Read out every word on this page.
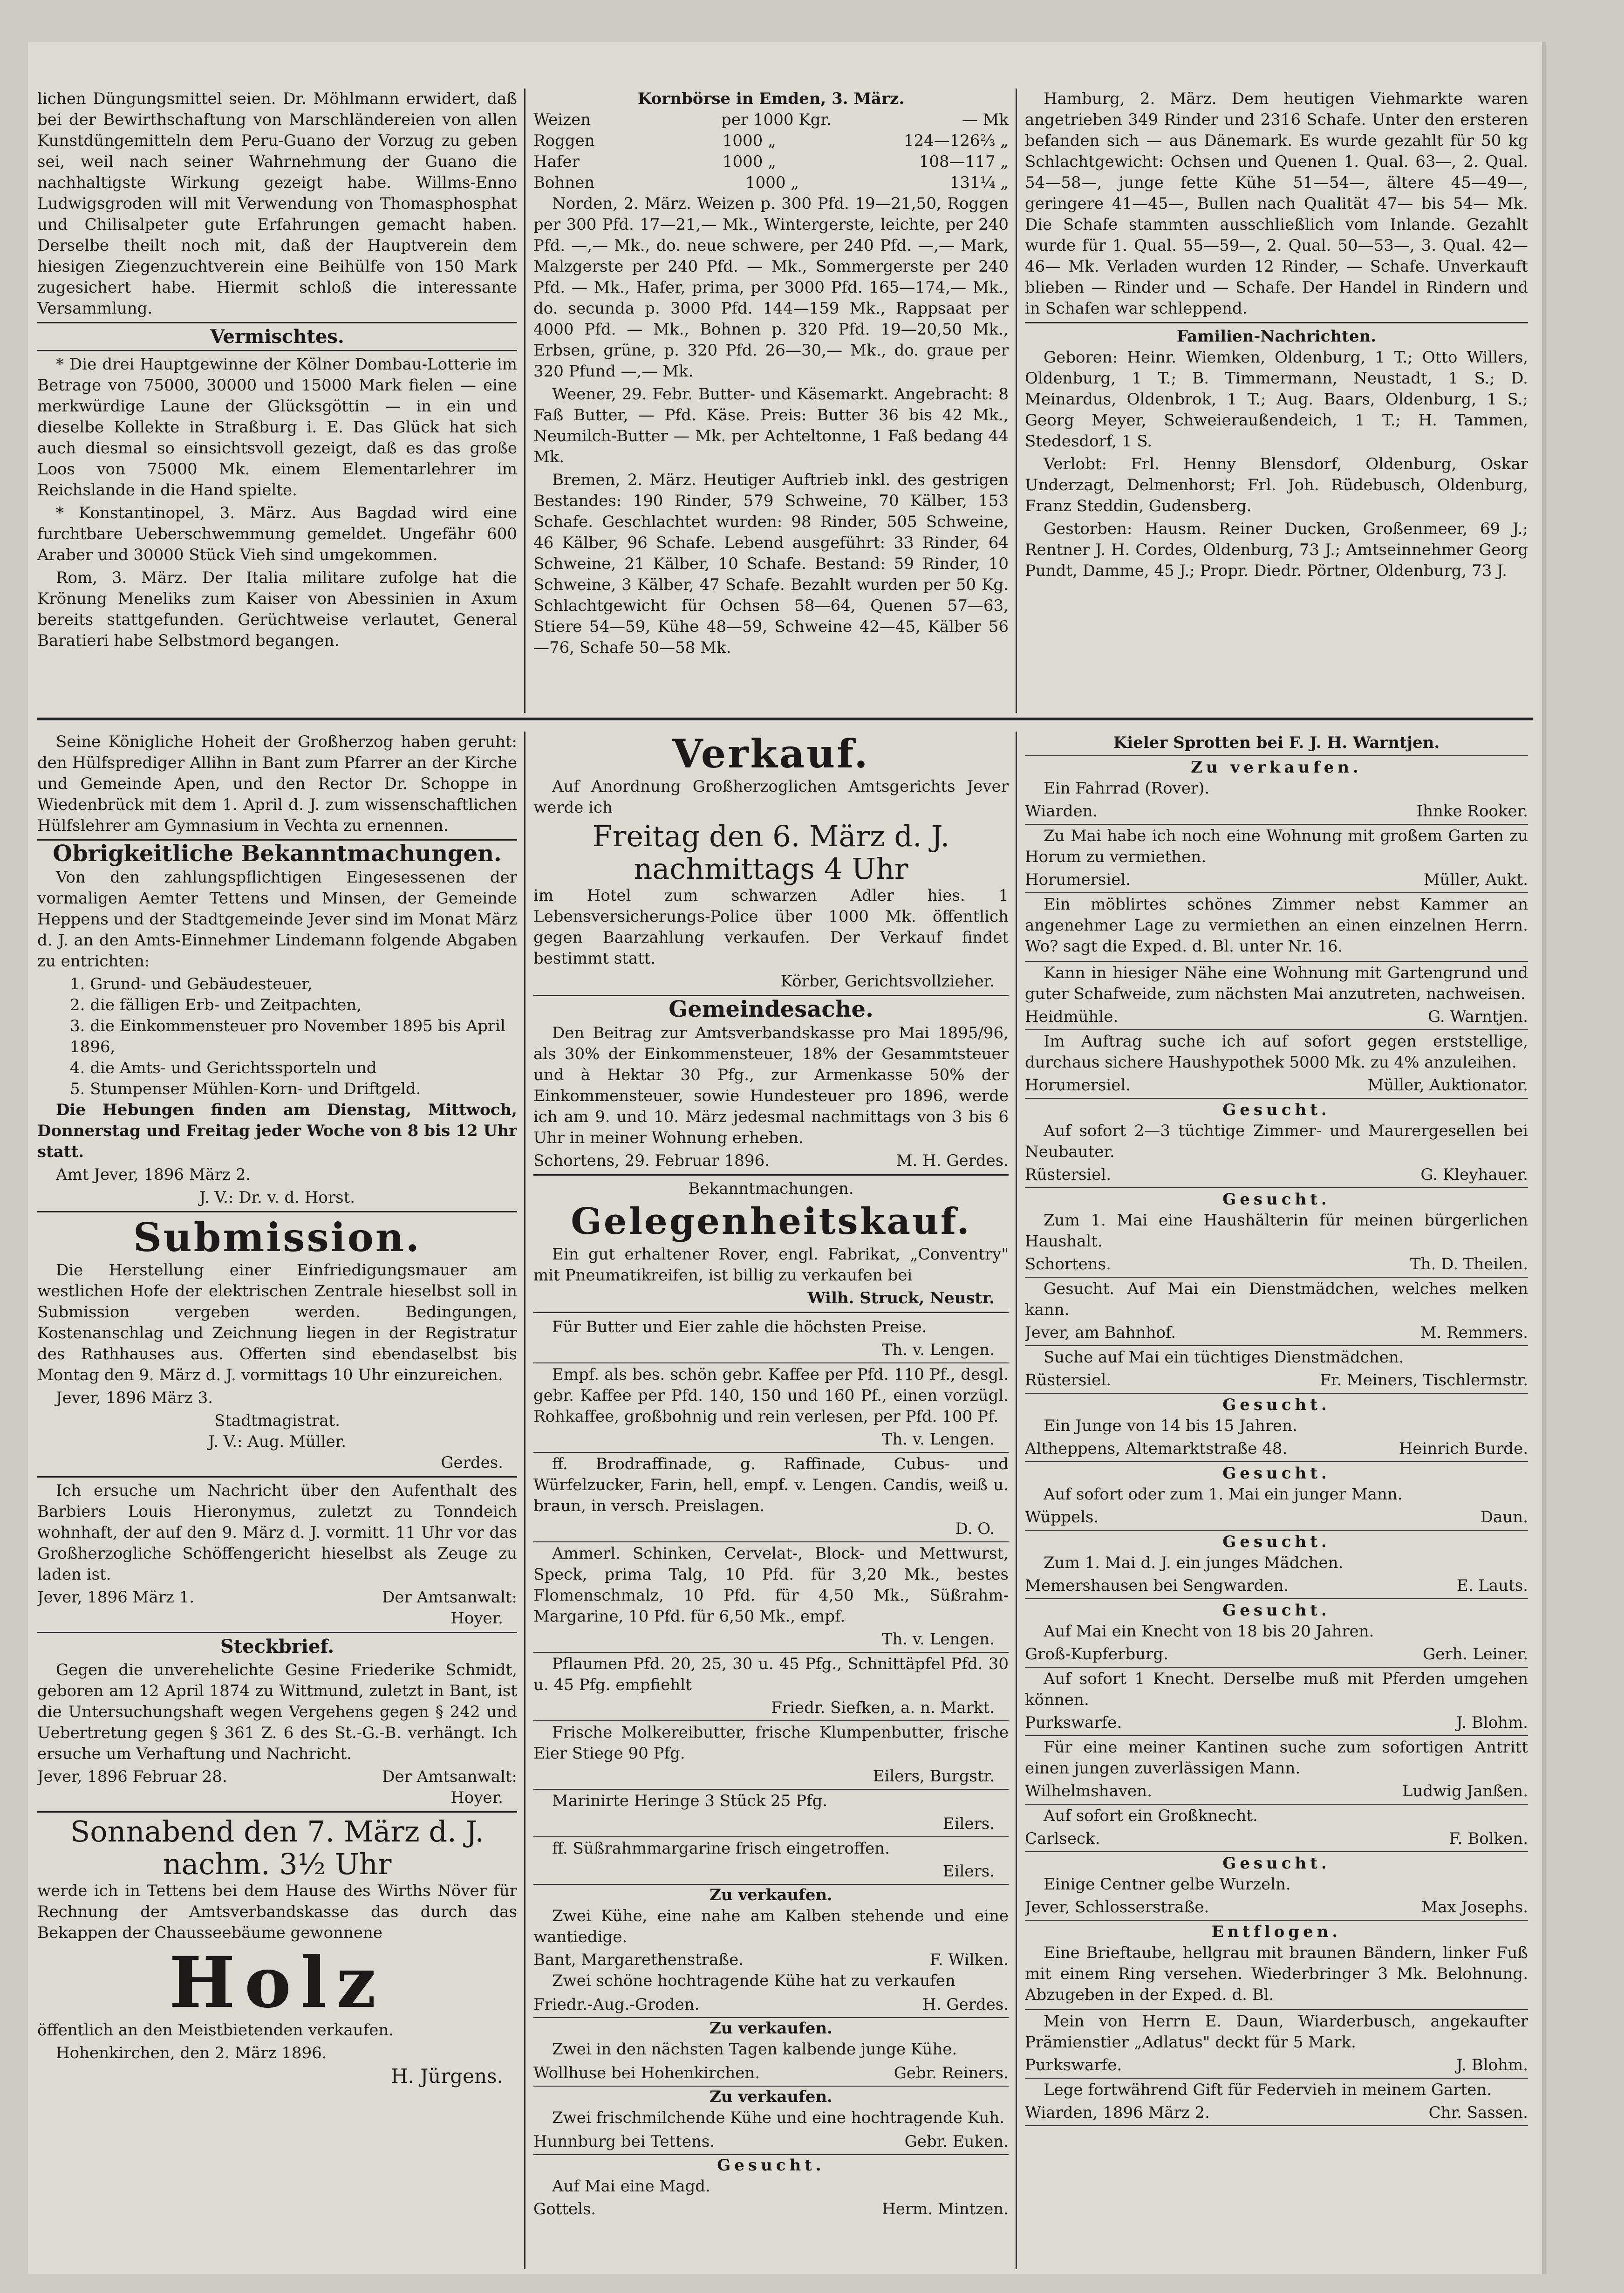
lichen Düngungsmittel seien. Dr. Möhlmann erwidert, daß bei der Bewirthschaftung von Marschländereien von allen Kunstdüngemitteln dem Peru-Guano der Vorzug zu geben sei, weil nach seiner Wahrnehmung der Guano die nachhaltigste Wirkung gezeigt habe. Willms-Enno Ludwigsgroden will mit Verwendung von Thomasphosphat und Chilisalpeter gute Erfahrungen gemacht haben. Derselbe theilt noch mit, daß der Hauptverein dem hiesigen Ziegenzuchtverein eine Beihülfe von 150 Mark zugesichert habe. Hiermit schloß die interessante Versammlung.

Vermischtes.

* Die drei Hauptgewinne der Kölner Dombau-Lotterie im Betrage von 75000, 30000 und 15000 Mark fielen — eine merkwürdige Laune der Glücksgöttin — in ein und dieselbe Kollekte in Straßburg i. E. Das Glück hat sich auch diesmal so einsichtsvoll gezeigt, daß es das große Loos von 75000 Mk. einem Elementarlehrer im Reichslande in die Hand spielte.

* Konstantinopel, 3. März. Aus Bagdad wird eine furchtbare Ueberschwemmung gemeldet. Ungefähr 600 Araber und 30000 Stück Vieh sind umgekommen.

Rom, 3. März. Der Italia militare zufolge hat die Krönung Meneliks zum Kaiser von Abessinien in Axum bereits stattgefunden. Gerüchtweise verlautet, General Baratieri habe Selbstmord begangen.

Kornbörse in Emden, 3. März.
Weizen	per 1000 Kgr.	— Mk
Roggen	1000 „	124—126⅔ „
Hafer	1000 „	108—117 „
Bohnen	1000 „	131¼ „

Norden, 2. März. Weizen p. 300 Pfd. 19—21,50, Roggen per 300 Pfd. 17—21,— Mk., Wintergerste, leichte, per 240 Pfd. —,— Mk., do. neue schwere, per 240 Pfd. —,— Mark, Malzgerste per 240 Pfd. — Mk., Sommergerste per 240 Pfd. — Mk., Hafer, prima, per 3000 Pfd. 165—174,— Mk., do. secunda p. 3000 Pfd. 144—159 Mk., Rappsaat per 4000 Pfd. — Mk., Bohnen p. 320 Pfd. 19—20,50 Mk., Erbsen, grüne, p. 320 Pfd. 26—30,— Mk., do. graue per 320 Pfund —,— Mk.

Weener, 29. Febr. Butter- und Käsemarkt. Angebracht: 8 Faß Butter, — Pfd. Käse. Preis: Butter 36 bis 42 Mk., Neumilch-Butter — Mk. per Achteltonne, 1 Faß bedang 44 Mk.

Bremen, 2. März. Heutiger Auftrieb inkl. des gestrigen Bestandes: 190 Rinder, 579 Schweine, 70 Kälber, 153 Schafe. Geschlachtet wurden: 98 Rinder, 505 Schweine, 46 Kälber, 96 Schafe. Lebend ausgeführt: 33 Rinder, 64 Schweine, 21 Kälber, 10 Schafe. Bestand: 59 Rinder, 10 Schweine, 3 Kälber, 47 Schafe. Bezahlt wurden per 50 Kg. Schlachtgewicht für Ochsen 58—64, Quenen 57—63, Stiere 54—59, Kühe 48—59, Schweine 42—45, Kälber 56—76, Schafe 50—58 Mk.

Hamburg, 2. März. Dem heutigen Viehmarkte waren angetrieben 349 Rinder und 2316 Schafe. Unter den ersteren befanden sich — aus Dänemark. Es wurde gezahlt für 50 kg Schlachtgewicht: Ochsen und Quenen 1. Qual. 63—, 2. Qual. 54—58—, junge fette Kühe 51—54—, ältere 45—49—, geringere 41—45—, Bullen nach Qualität 47— bis 54— Mk. Die Schafe stammten ausschließlich vom Inlande. Gezahlt wurde für 1. Qual. 55—59—, 2. Qual. 50—53—, 3. Qual. 42—46— Mk. Verladen wurden 12 Rinder, — Schafe. Unverkauft blieben — Rinder und — Schafe. Der Handel in Rindern und in Schafen war schleppend.

Familien-Nachrichten.

Geboren: Heinr. Wiemken, Oldenburg, 1 T.; Otto Willers, Oldenburg, 1 T.; B. Timmermann, Neustadt, 1 S.; D. Meinardus, Oldenbrok, 1 T.; Aug. Baars, Oldenburg, 1 S.; Georg Meyer, Schweieraußendeich, 1 T.; H. Tammen, Stedesdorf, 1 S.

Verlobt: Frl. Henny Blensdorf, Oldenburg, Oskar Underzagt, Delmenhorst; Frl. Joh. Rüdebusch, Oldenburg, Franz Steddin, Gudensberg.

Gestorben: Hausm. Reiner Ducken, Großenmeer, 69 J.; Rentner J. H. Cordes, Oldenburg, 73 J.; Amtseinnehmer Georg Pundt, Damme, 45 J.; Propr. Diedr. Pörtner, Oldenburg, 73 J.

Seine Königliche Hoheit der Großherzog haben geruht: den Hülfsprediger Allihn in Bant zum Pfarrer an der Kirche und Gemeinde Apen, und den Rector Dr. Schoppe in Wiedenbrück mit dem 1. April d. J. zum wissenschaftlichen Hülfslehrer am Gymnasium in Vechta zu ernennen.

Obrigkeitliche Bekanntmachungen.

Von den zahlungspflichtigen Eingesessenen der vormaligen Aemter Tettens und Minsen, der Gemeinde Heppens und der Stadtgemeinde Jever sind im Monat März d. J. an den Amts-Einnehmer Lindemann folgende Abgaben zu entrichten:

1. Grund- und Gebäudesteuer,
2. die fälligen Erb- und Zeitpachten,
3. die Einkommensteuer pro November 1895 bis April 1896,
4. die Amts- und Gerichtssporteln und
5. Stumpenser Mühlen-Korn- und Driftgeld.

Die Hebungen finden am Dienstag, Mittwoch, Donnerstag und Freitag jeder Woche von 8 bis 12 Uhr statt.

Amt Jever, 1896 März 2.

J. V.: Dr. v. d. Horst.
Submission.

Die Herstellung einer Einfriedigungsmauer am westlichen Hofe der elektrischen Zentrale hieselbst soll in Submission vergeben werden. Bedingungen, Kostenanschlag und Zeichnung liegen in der Registratur des Rathhauses aus. Offerten sind ebendaselbst bis Montag den 9. März d. J. vormittags 10 Uhr einzureichen.

Jever, 1896 März 3.

Stadtmagistrat.
J. V.: Aug. Müller.
Gerdes.

Ich ersuche um Nachricht über den Aufenthalt des Barbiers Louis Hieronymus, zuletzt zu Tonndeich wohnhaft, der auf den 9. März d. J. vormitt. 11 Uhr vor das Großherzogliche Schöffengericht hieselbst als Zeuge zu laden ist.

Jever, 1896 März 1.	Der Amtsanwalt:
Hoyer.
Steckbrief.

Gegen die unverehelichte Gesine Friederike Schmidt, geboren am 12 April 1874 zu Wittmund, zuletzt in Bant, ist die Untersuchungshaft wegen Vergehens gegen § 242 und Uebertretung gegen § 361 Z. 6 des St.-G.-B. verhängt. Ich ersuche um Verhaftung und Nachricht.

Jever, 1896 Februar 28.	Der Amtsanwalt:
Hoyer.
Sonnabend den 7. März d. J.
nachm. 3½ Uhr

werde ich in Tettens bei dem Hause des Wirths Növer für Rechnung der Amtsverbandskasse das durch das Bekappen der Chausseebäume gewonnene

Holz

öffentlich an den Meistbietenden verkaufen.

Hohenkirchen, den 2. März 1896.

H. Jürgens.
Verkauf.

Auf Anordnung Großherzoglichen Amtsgerichts Jever werde ich

Freitag den 6. März d. J.
nachmittags 4 Uhr

im Hotel zum schwarzen Adler hies. 1 Lebensversicherungs-Police über 1000 Mk. öffentlich gegen Baarzahlung verkaufen. Der Verkauf findet bestimmt statt.

Körber, Gerichtsvollzieher.
Gemeindesache.

Den Beitrag zur Amtsverbandskasse pro Mai 1895/96, als 30% der Einkommensteuer, 18% der Gesammtsteuer und à Hektar 30 Pfg., zur Armenkasse 50% der Einkommensteuer, sowie Hundesteuer pro 1896, werde ich am 9. und 10. März jedesmal nachmittags von 3 bis 6 Uhr in meiner Wohnung erheben.

Schortens, 29. Februar 1896.	M. H. Gerdes.
Bekanntmachungen.
Gelegenheitskauf.

Ein gut erhaltener Rover, engl. Fabrikat, „Conventry" mit Pneumatikreifen, ist billig zu verkaufen bei

Wilh. Struck, Neustr.

Für Butter und Eier zahle die höchsten Preise.

Th. v. Lengen.

Empf. als bes. schön gebr. Kaffee per Pfd. 110 Pf., desgl. gebr. Kaffee per Pfd. 140, 150 und 160 Pf., einen vorzügl. Rohkaffee, großbohnig und rein verlesen, per Pfd. 100 Pf.

Th. v. Lengen.

ff. Brodraffinade, g. Raffinade, Cubus- und Würfelzucker, Farin, hell, empf. v. Lengen. Candis, weiß u. braun, in versch. Preislagen.

D. O.

Ammerl. Schinken, Cervelat-, Block- und Mettwurst, Speck, prima Talg, 10 Pfd. für 3,20 Mk., bestes Flomenschmalz, 10 Pfd. für 4,50 Mk., Süßrahm-Margarine, 10 Pfd. für 6,50 Mk., empf.

Th. v. Lengen.

Pflaumen Pfd. 20, 25, 30 u. 45 Pfg., Schnittäpfel Pfd. 30 u. 45 Pfg. empfiehlt

Friedr. Siefken, a. n. Markt.

Frische Molkereibutter, frische Klumpenbutter, frische Eier Stiege 90 Pfg.

Eilers, Burgstr.

Marinirte Heringe 3 Stück 25 Pfg.

Eilers.

ff. Süßrahmmargarine frisch eingetroffen.

Eilers.
Zu verkaufen.

Zwei Kühe, eine nahe am Kalben stehende und eine wantiedige.

Bant, Margarethenstraße.	F. Wilken.

Zwei schöne hochtragende Kühe hat zu verkaufen

Friedr.-Aug.-Groden.	H. Gerdes.
Zu verkaufen.

Zwei in den nächsten Tagen kalbende junge Kühe.

Wollhuse bei Hohenkirchen.	Gebr. Reiners.
Zu verkaufen.

Zwei frischmilchende Kühe und eine hochtragende Kuh.

Hunnburg bei Tettens.	Gebr. Euken.
Gesucht.

Auf Mai eine Magd.

Gottels.	Herm. Mintzen.
Kieler Sprotten bei F. J. H. Warntjen.
Zu verkaufen.

Ein Fahrrad (Rover).

Wiarden.	Ihnke Rooker.

Zu Mai habe ich noch eine Wohnung mit großem Garten zu Horum zu vermiethen.

Horumersiel.	Müller, Aukt.

Ein möblirtes schönes Zimmer nebst Kammer an angenehmer Lage zu vermiethen an einen einzelnen Herrn. Wo? sagt die Exped. d. Bl. unter Nr. 16.

Kann in hiesiger Nähe eine Wohnung mit Gartengrund und guter Schafweide, zum nächsten Mai anzutreten, nachweisen.

Heidmühle.	G. Warntjen.

Im Auftrag suche ich auf sofort gegen erststellige, durchaus sichere Haushypothek 5000 Mk. zu 4% anzuleihen.

Horumersiel.	Müller, Auktionator.
Gesucht.

Auf sofort 2—3 tüchtige Zimmer- und Maurergesellen bei Neubauter.

Rüstersiel.	G. Kleyhauer.
Gesucht.

Zum 1. Mai eine Haushälterin für meinen bürgerlichen Haushalt.

Schortens.	Th. D. Theilen.

Gesucht. Auf Mai ein Dienstmädchen, welches melken kann.

Jever, am Bahnhof.	M. Remmers.

Suche auf Mai ein tüchtiges Dienstmädchen.

Rüstersiel.	Fr. Meiners, Tischlermstr.
Gesucht.

Ein Junge von 14 bis 15 Jahren.

Altheppens, Altemarktstraße 48.	Heinrich Burde.
Gesucht.

Auf sofort oder zum 1. Mai ein junger Mann.

Wüppels.	Daun.
Gesucht.

Zum 1. Mai d. J. ein junges Mädchen.

Memershausen bei Sengwarden.	E. Lauts.
Gesucht.

Auf Mai ein Knecht von 18 bis 20 Jahren.

Groß-Kupferburg.	Gerh. Leiner.

Auf sofort 1 Knecht. Derselbe muß mit Pferden umgehen können.

Purkswarfe.	J. Blohm.

Für eine meiner Kantinen suche zum sofortigen Antritt einen jungen zuverlässigen Mann.

Wilhelmshaven.	Ludwig Janßen.

Auf sofort ein Großknecht.

Carlseck.	F. Bolken.
Gesucht.

Einige Centner gelbe Wurzeln.

Jever, Schlosserstraße.	Max Josephs.
Entflogen.

Eine Brieftaube, hellgrau mit braunen Bändern, linker Fuß mit einem Ring versehen. Wiederbringer 3 Mk. Belohnung. Abzugeben in der Exped. d. Bl.

Mein von Herrn E. Daun, Wiarderbusch, angekaufter Prämienstier „Adlatus" deckt für 5 Mark.

Purkswarfe.	J. Blohm.

Lege fortwährend Gift für Federvieh in meinem Garten.

Wiarden, 1896 März 2.	Chr. Sassen.
